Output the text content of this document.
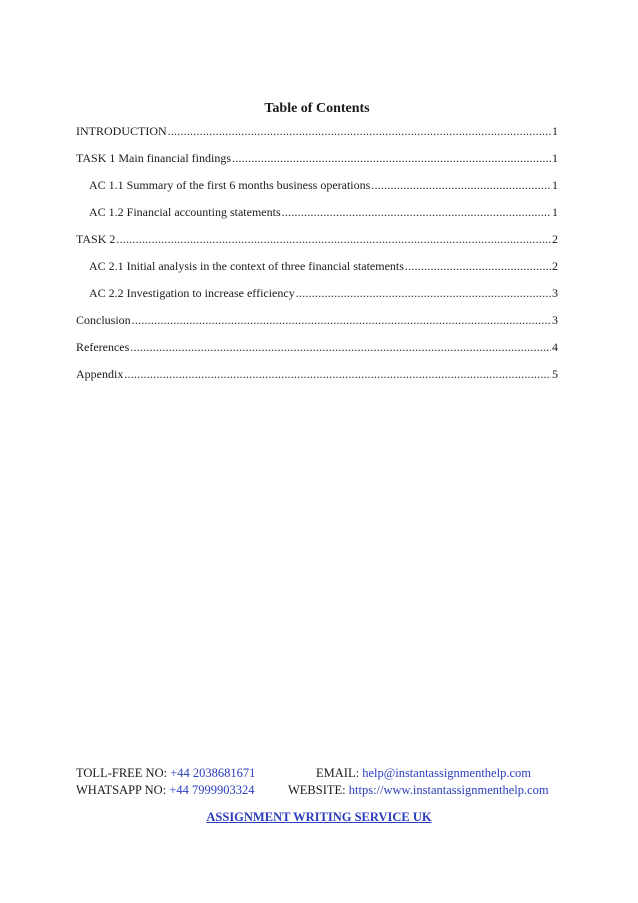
Table of Contents
INTRODUCTION .....	1
TASK 1 Main financial findings .....	1
AC 1.1 Summary of the first 6 months business operations .....	1
AC 1.2 Financial accounting statements .....	1
TASK 2 .....	2
AC 2.1 Initial analysis in the context of three financial statements .....	2
AC 2.2 Investigation to increase efficiency .....	3
Conclusion .....	3
References .....	4
Appendix .....	5
TOLL-FREE NO: +44 2038681671	EMAIL: help@instantassignmenthelp.com
WHATSAPP NO: +44 7999903324	WEBSITE: https://www.instantassignmenthelp.com
ASSIGNMENT WRITING SERVICE UK
